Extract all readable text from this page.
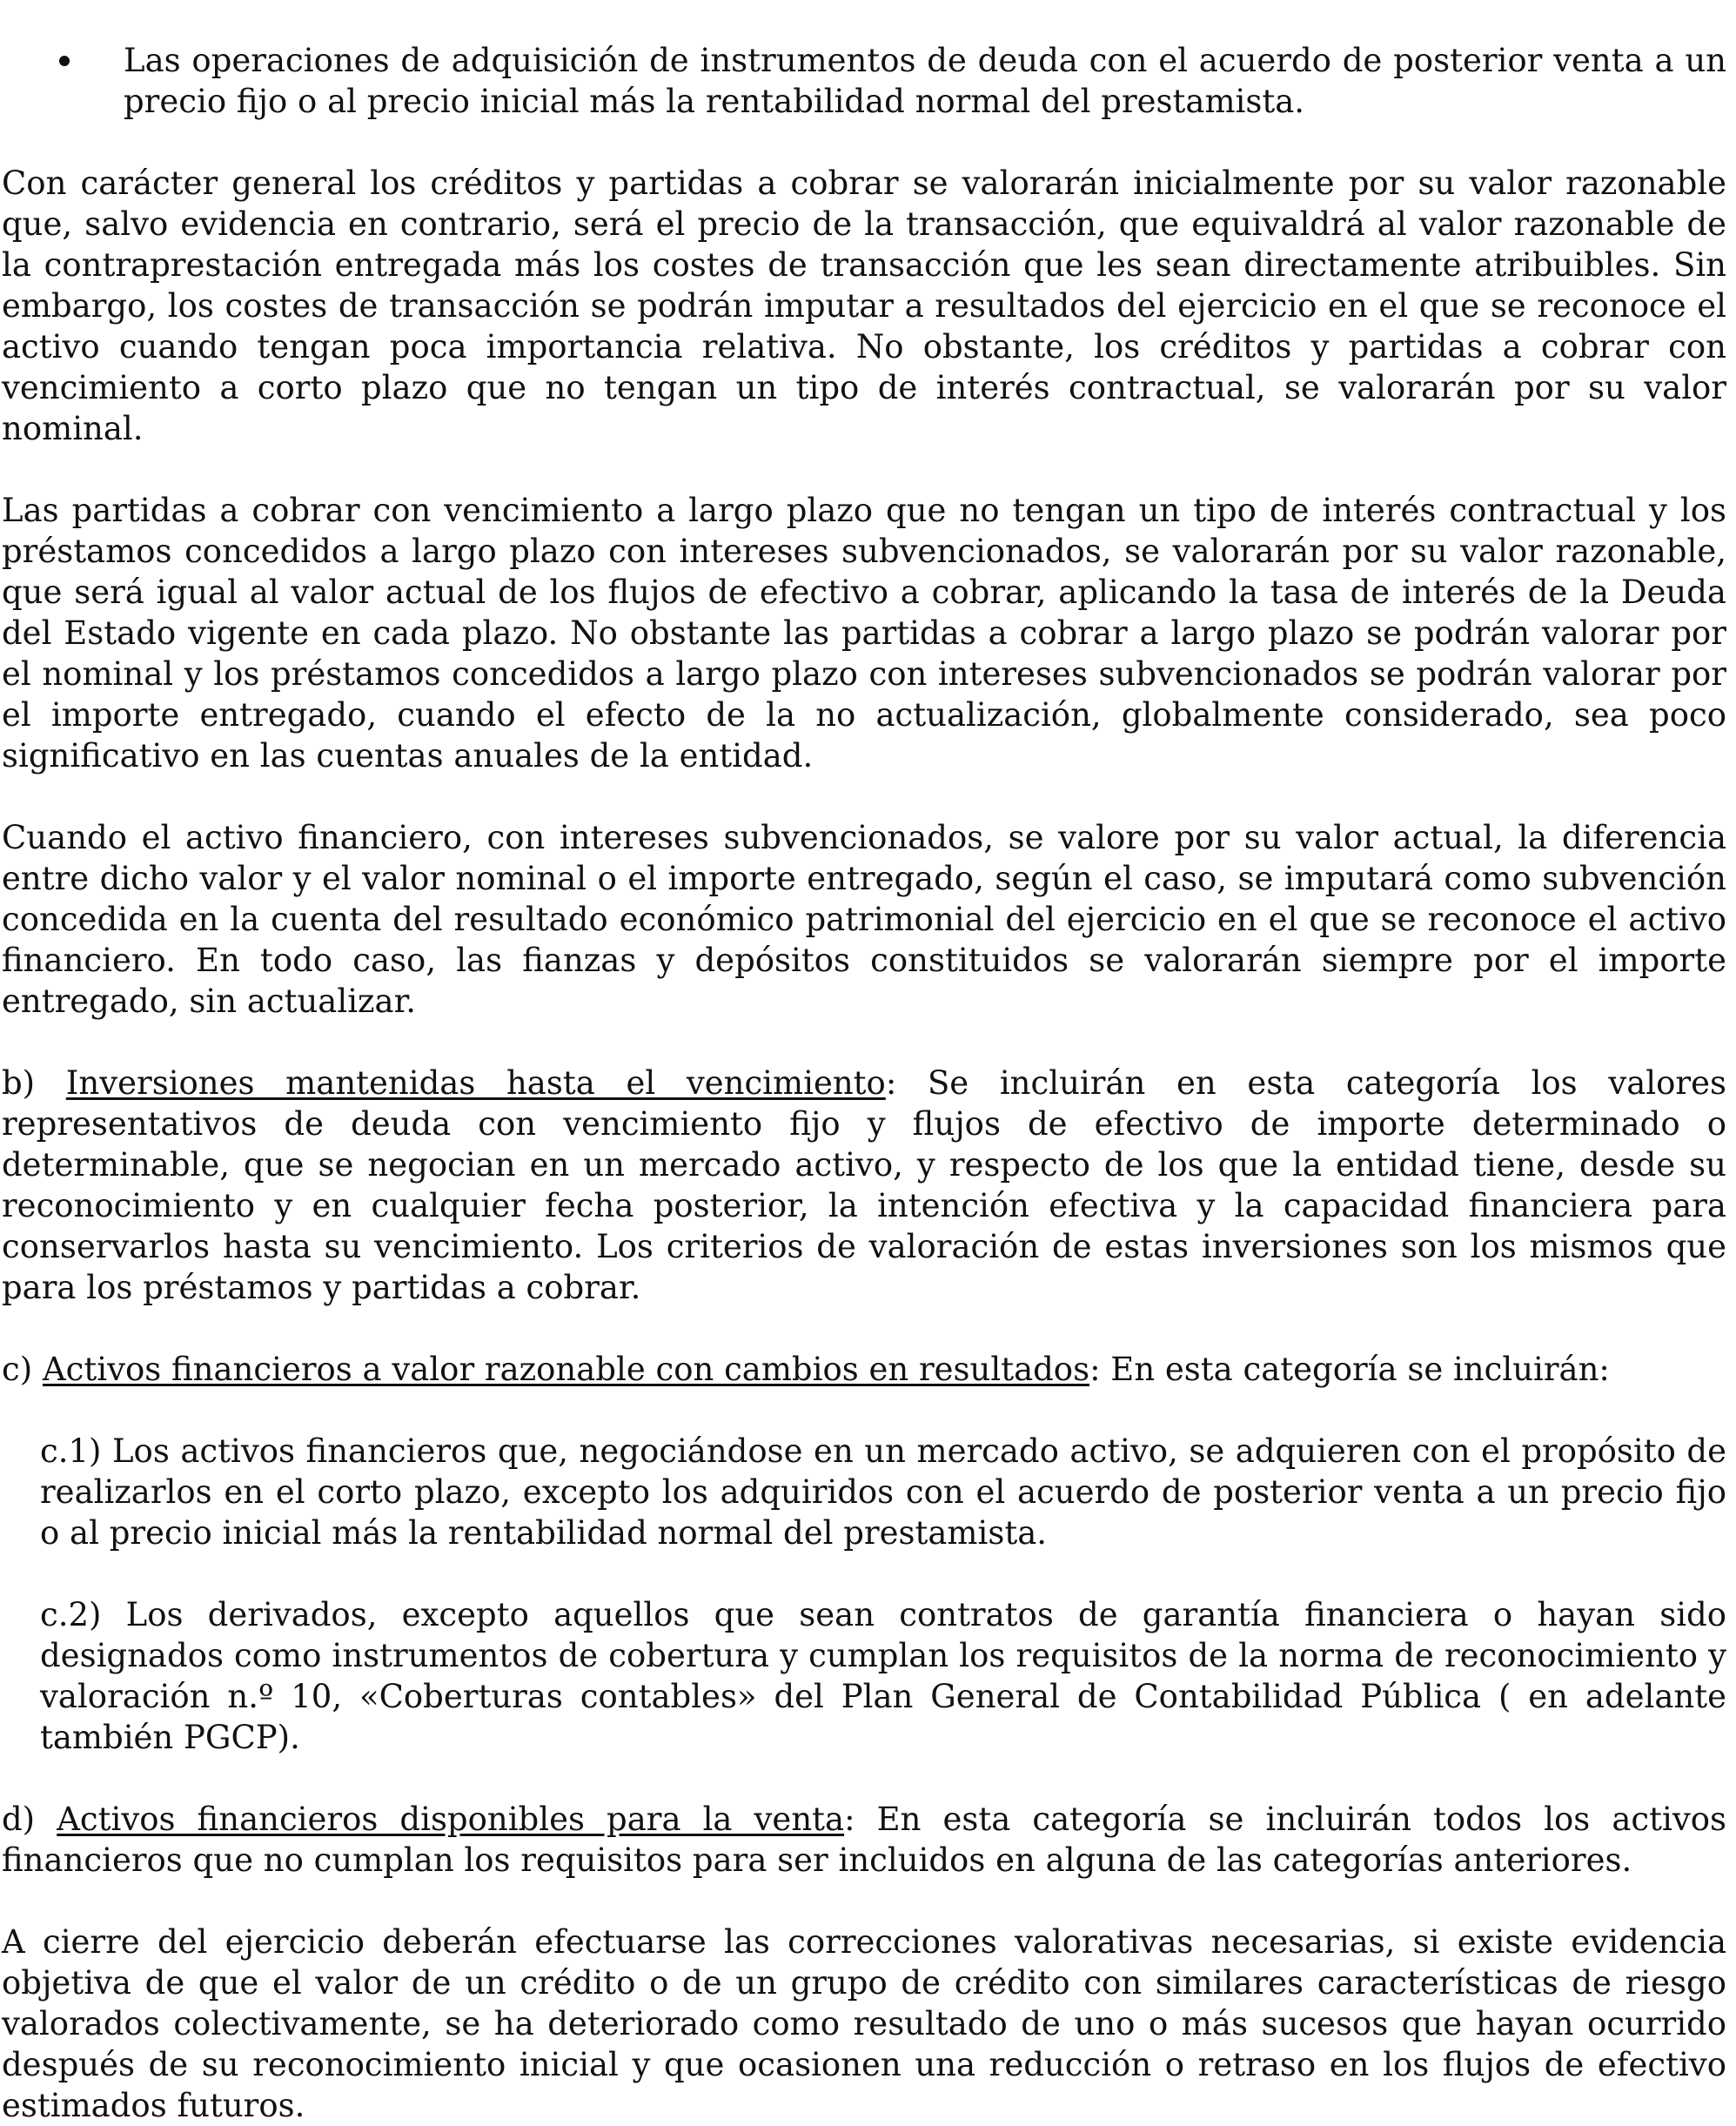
Las operaciones de adquisición de instrumentos de deuda con el acuerdo de posterior venta a un precio fijo o al precio inicial más la rentabilidad normal del prestamista.

Con carácter general los créditos y partidas a cobrar se valorarán inicialmente por su valor razonable que, salvo evidencia en contrario, será el precio de la transacción, que equivaldrá al valor razonable de la contraprestación entregada más los costes de transacción que les sean directamente atribuibles. Sin embargo, los costes de transacción se podrán imputar a resultados del ejercicio en el que se reconoce el activo cuando tengan poca importancia relativa. No obstante, los créditos y partidas a cobrar con vencimiento a corto plazo que no tengan un tipo de interés contractual, se valorarán por su valor nominal.

Las partidas a cobrar con vencimiento a largo plazo que no tengan un tipo de interés contractual y los préstamos concedidos a largo plazo con intereses subvencionados, se valorarán por su valor razonable, que será igual al valor actual de los flujos de efectivo a cobrar, aplicando la tasa de interés de la Deuda del Estado vigente en cada plazo. No obstante las partidas a cobrar a largo plazo se podrán valorar por el nominal y los préstamos concedidos a largo plazo con intereses subvencionados se podrán valorar por el importe entregado, cuando el efecto de la no actualización, globalmente considerado, sea poco significativo en las cuentas anuales de la entidad.

Cuando el activo financiero, con intereses subvencionados, se valore por su valor actual, la diferencia entre dicho valor y el valor nominal o el importe entregado, según el caso, se imputará como subvención concedida en la cuenta del resultado económico patrimonial del ejercicio en el que se reconoce el activo financiero. En todo caso, las fianzas y depósitos constituidos se valorarán siempre por el importe entregado, sin actualizar.

b) Inversiones mantenidas hasta el vencimiento: Se incluirán en esta categoría los valores representativos de deuda con vencimiento fijo y flujos de efectivo de importe determinado o determinable, que se negocian en un mercado activo, y respecto de los que la entidad tiene, desde su reconocimiento y en cualquier fecha posterior, la intención efectiva y la capacidad financiera para conservarlos hasta su vencimiento. Los criterios de valoración de estas inversiones son los mismos que para los préstamos y partidas a cobrar.

c) Activos financieros a valor razonable con cambios en resultados: En esta categoría se incluirán:

c.1) Los activos financieros que, negociándose en un mercado activo, se adquieren con el propósito de realizarlos en el corto plazo, excepto los adquiridos con el acuerdo de posterior venta a un precio fijo o al precio inicial más la rentabilidad normal del prestamista.

c.2) Los derivados, excepto aquellos que sean contratos de garantía financiera o hayan sido designados como instrumentos de cobertura y cumplan los requisitos de la norma de reconocimiento y valoración n.º 10, «Coberturas contables» del Plan General de Contabilidad Pública ( en adelante también PGCP).

d) Activos financieros disponibles para la venta: En esta categoría se incluirán todos los activos financieros que no cumplan los requisitos para ser incluidos en alguna de las categorías anteriores.

A cierre del ejercicio deberán efectuarse las correcciones valorativas necesarias, si existe evidencia objetiva de que el valor de un crédito o de un grupo de crédito con similares características de riesgo valorados colectivamente, se ha deteriorado como resultado de uno o más sucesos que hayan ocurrido después de su reconocimiento inicial y que ocasionen una reducción o retraso en los flujos de efectivo estimados futuros.
